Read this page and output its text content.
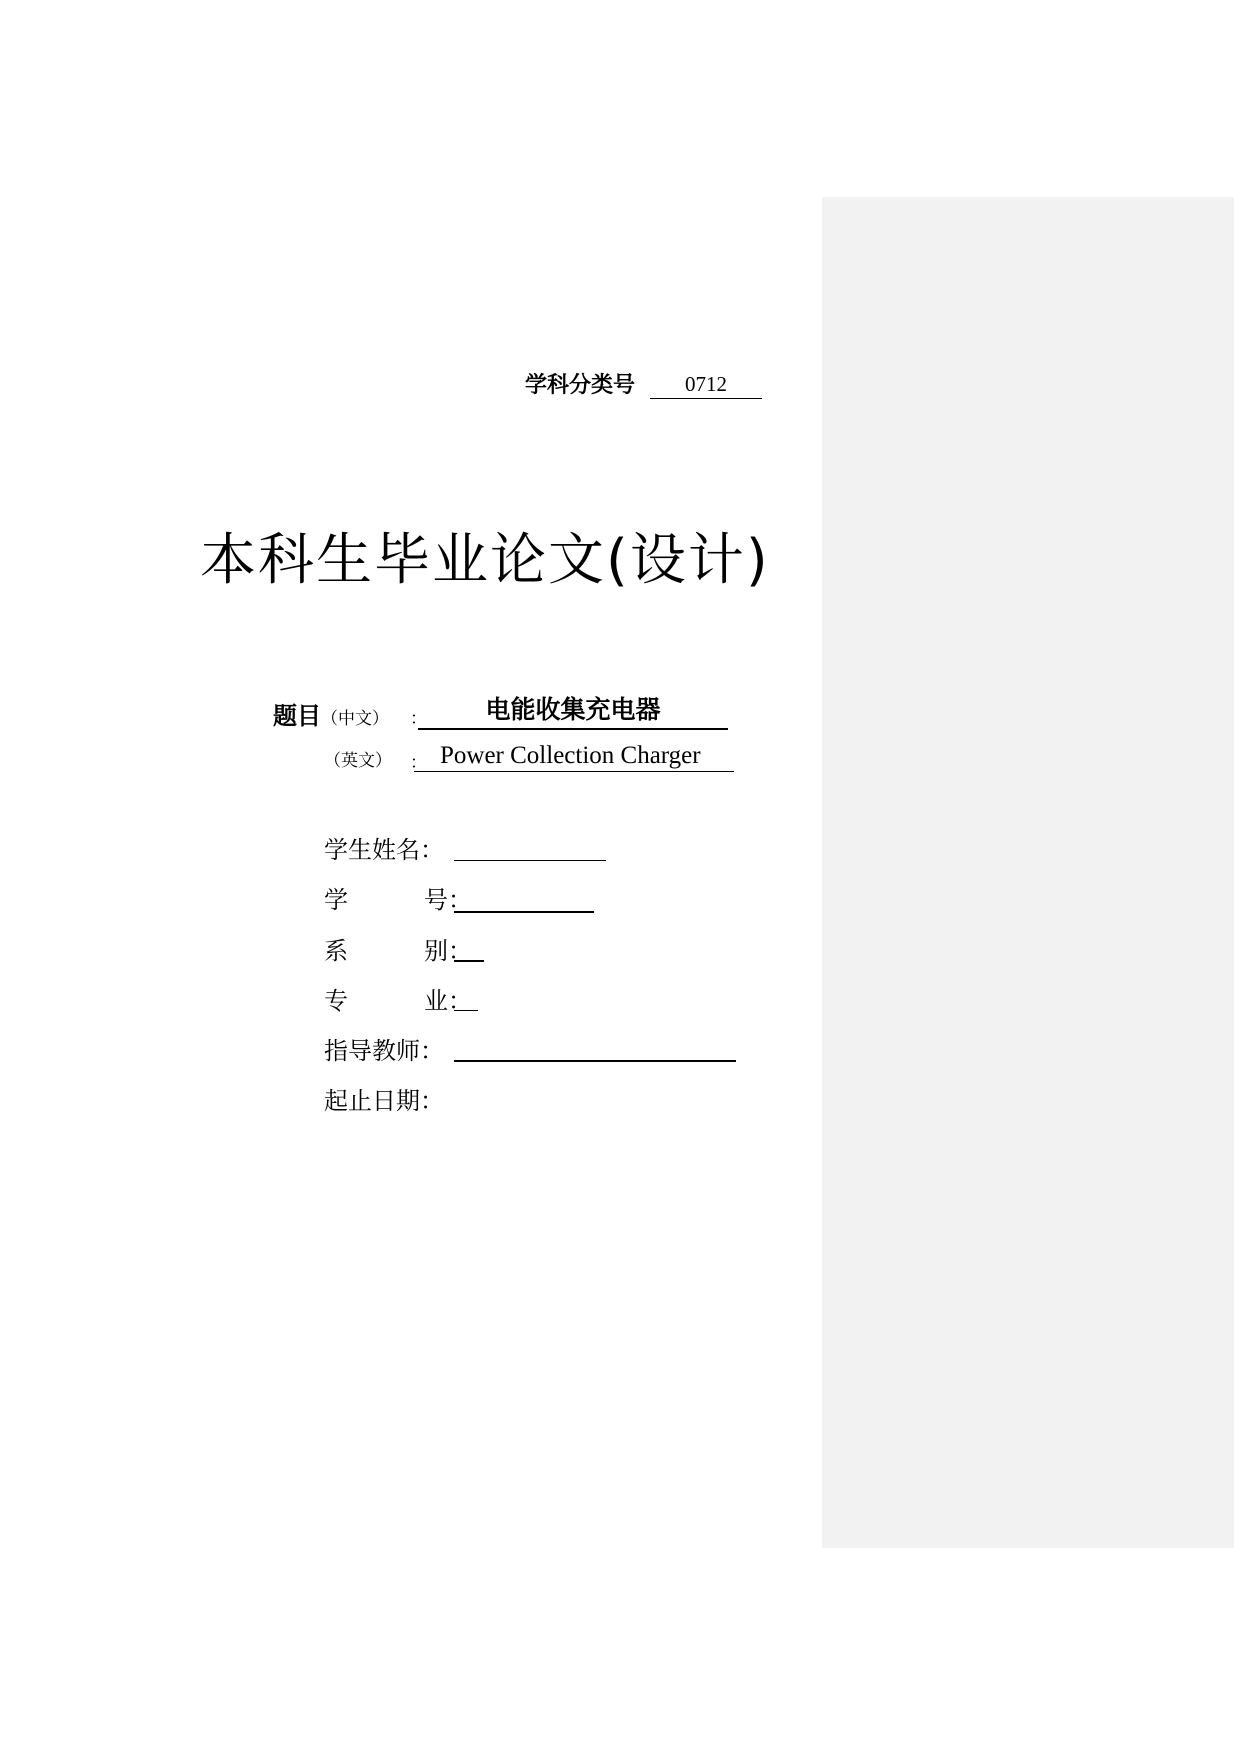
学科分类号	0712
本科生毕业论文(设计)
题目（中文） ：	电能收集充电器
（英文） ： Power Collection Charger
学生姓名：
学	号：
系	别：
专	业：
指导教师：
起止日期：
